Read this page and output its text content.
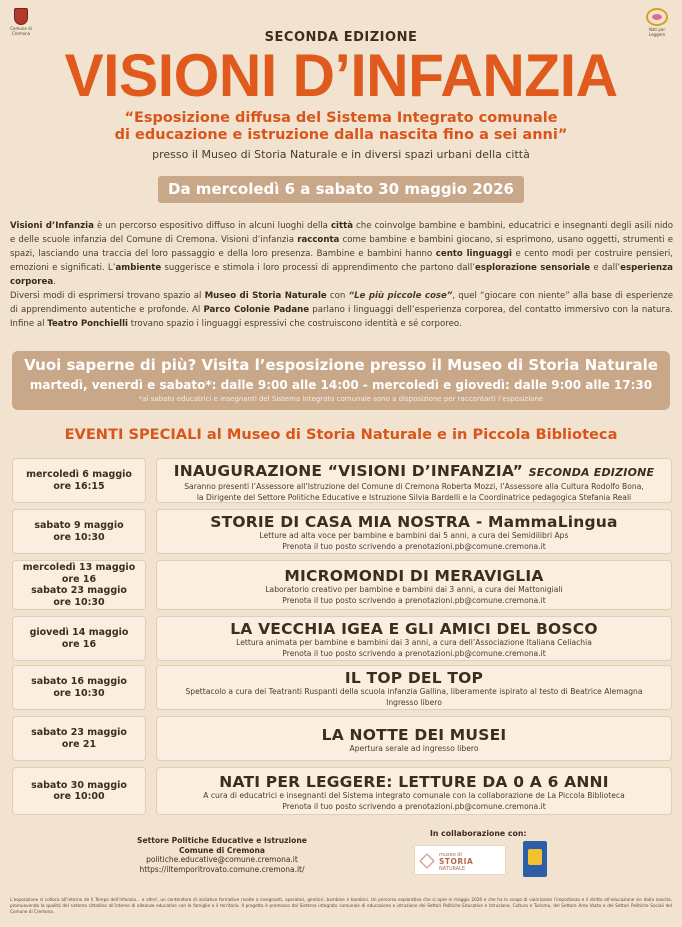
Comune di Cremona
Nati per Leggere
SECONDA EDIZIONE
VISIONI D’INFANZIA
“Esposizione diffusa del Sistema Integrato comunale
di educazione e istruzione dalla nascita fino a sei anni”
presso il Museo di Storia Naturale e in diversi spazi urbani della città
Da mercoledì 6 a sabato 30 maggio 2026
Visioni d’Infanzia è un percorso espositivo diffuso in alcuni luoghi della città che coinvolge bambine e bambini, educatrici e insegnanti degli asili nido e delle scuole infanzia del Comune di Cremona. Visioni d’infanzia racconta come bambine e bambini giocano, si esprimono, usano oggetti, strumenti e spazi, lasciando una traccia del loro passaggio e della loro presenza. Bambine e bambini hanno cento linguaggi e cento modi per costruire pensieri, emozioni e significati. L’ambiente suggerisce e stimola i loro processi di apprendimento che partono dall’esplorazione sensoriale e dall’esperienza corporea.
Diversi modi di esprimersi trovano spazio al Museo di Storia Naturale con “Le più piccole cose”, quel “giocare con niente” alla base di esperienze di apprendimento autentiche e profonde. Al Parco Colonie Padane parlano i linguaggi dell’esperienza corporea, del contatto immersivo con la natura. Infine al Teatro Ponchielli trovano spazio i linguaggi espressivi che costruiscono identità e sé corporeo.
Vuoi saperne di più? Visita l’esposizione presso il Museo di Storia Naturale
martedì, venerdì e sabato*: dalle 9:00 alle 14:00 - mercoledì e giovedì: dalle 9:00 alle 17:30
*al sabato educatrici e insegnanti del Sistema integrato comunale sono a disposizione per raccontarti l’esposizione
EVENTI SPECIALI al Museo di Storia Naturale e in Piccola Biblioteca
mercoledì 6 maggio
ore 16:15
INAUGURAZIONE “VISIONI D’INFANZIA” SECONDA EDIZIONE
Saranno presenti l’Assessore all’Istruzione del Comune di Cremona Roberta Mozzi, l’Assessore alla Cultura Rodolfo Bona,
la Dirigente del Settore Politiche Educative e Istruzione Silvia Bardelli e la Coordinatrice pedagogica Stefania Reali
sabato 9 maggio
ore 10:30
STORIE DI CASA MIA NOSTRA - MammaLingua
Letture ad alta voce per bambine e bambini dai 5 anni, a cura dei Semidilibri Aps
Prenota il tuo posto scrivendo a prenotazioni.pb@comune.cremona.it
mercoledì 13 maggio
ore 16
sabato 23 maggio
ore 10:30
MICROMONDI DI MERAVIGLIA
Laboratorio creativo per bambine e bambini dai 3 anni, a cura dei Mattonigiali
Prenota il tuo posto scrivendo a prenotazioni.pb@comune.cremona.it
giovedì 14 maggio
ore 16
LA VECCHIA IGEA E GLI AMICI DEL BOSCO
Lettura animata per bambine e bambini dai 3 anni, a cura dell’Associazione Italiana Celiachia
Prenota il tuo posto scrivendo a prenotazioni.pb@comune.cremona.it
sabato 16 maggio
ore 10:30
IL TOP DEL TOP
Spettacolo a cura dei Teatranti Ruspanti della scuola infanzia Gallina, liberamente ispirato al testo di Beatrice Alemagna
Ingresso libero
sabato 23 maggio
ore 21	LA NOTTE DEI MUSEI
Apertura serale ad ingresso libero
sabato 30 maggio
ore 10:00
NATI PER LEGGERE: LETTURE DA 0 A 6 ANNI
A cura di educatrici e insegnanti del Sistema integrato comunale con la collaborazione de La Piccola Biblioteca
Prenota il tuo posto scrivendo a prenotazioni.pb@comune.cremona.it
Settore Politiche Educative e Istruzione
Comune di Cremona
politiche.educative@comune.cremona.it
https://iltemporitrovato.comune.cremona.it/
In collaborazione con:
museo di
STORIA
NATURALE
L’esposizione si colloca all’interno de Il Tempo dell’Infanzia… e oltre!, un contenitore di iniziative formative rivolte a insegnanti, operatori, genitori, bambine e bambini. Un percorso esplorativo che si apre in maggio 2026 e che ha lo scopo di valorizzare l’importanza e il diritto all’educazione sin dalla nascita, promuovendo la qualità del sistema cittadino all’interno di alleanze educative con le famiglie e il territorio. Il progetto è promosso dal Sistema integrato comunale di educazione e istruzione dei Settori Politiche Educative e Istruzione, Cultura e Turismo, del Settore Area Vasta e dei Settori Politiche Sociali del Comune di Cremona.
